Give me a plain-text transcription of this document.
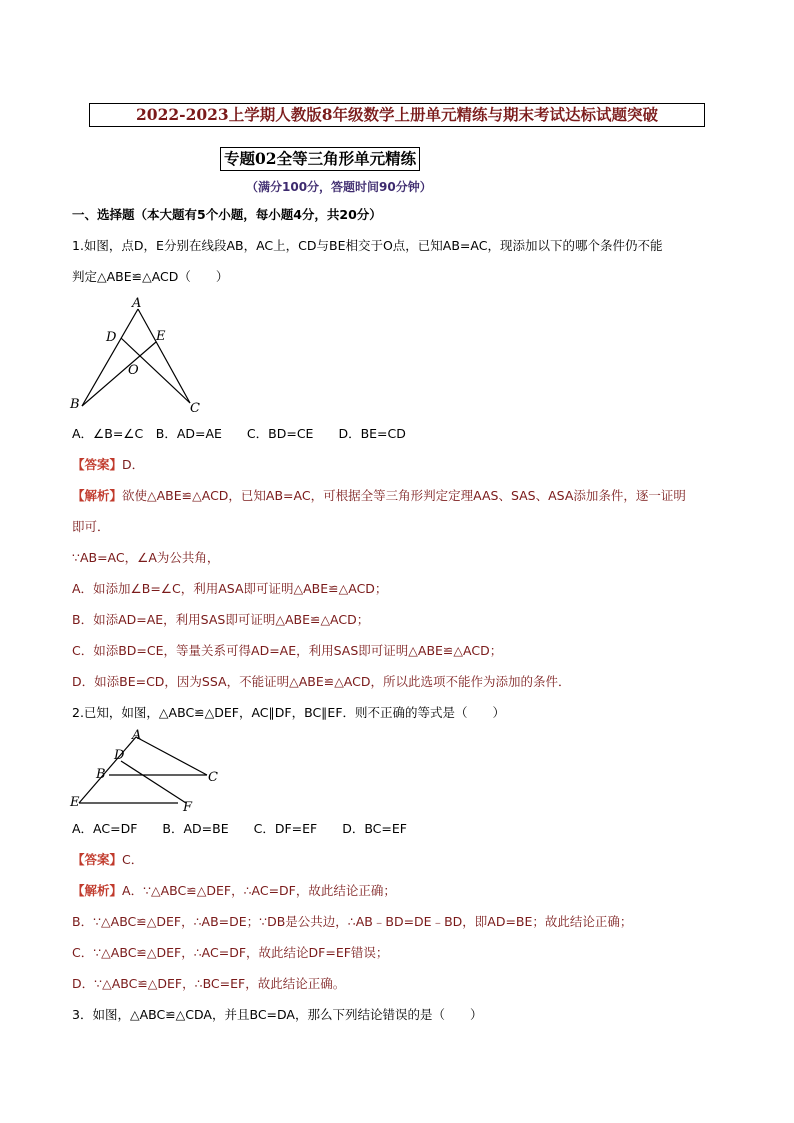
2022-2023上学期人教版8年级数学上册单元精练与期末考试达标试题突破
专题02全等三角形单元精练
（满分100分，答题时间90分钟）
一、选择题（本大题有5个小题，每小题4分，共20分）
1.如图，点D，E分别在线段AB，AC上，CD与BE相交于O点，已知AB=AC，现添加以下的哪个条件仍不能
判定△ABE≌△ACD（　　）
A
D	E
O
B	C
A．∠B=∠C　B．AD=AE　　C．BD=CE　　D．BE=CD
【答案】D．
【解析】欲使△ABE≌△ACD，已知AB=AC，可根据全等三角形判定定理AAS、SAS、ASA添加条件，逐一证明
即可．
∵AB=AC，∠A为公共角，
A．如添加∠B=∠C，利用ASA即可证明△ABE≌△ACD；
B．如添AD=AE，利用SAS即可证明△ABE≌△ACD；
C．如添BD=CE，等量关系可得AD=AE，利用SAS即可证明△ABE≌△ACD；
D．如添BE=CD，因为SSA，不能证明△ABE≌△ACD，所以此选项不能作为添加的条件．
2.已知，如图，△ABC≌△DEF，AC∥DF，BC∥EF．则不正确的等式是（　　）
A
D
B	C
E	F
A．AC=DF　　B．AD=BE　　C．DF=EF　　D．BC=EF
【答案】C．
【解析】A．∵△ABC≌△DEF，∴AC=DF，故此结论正确；
B．∵△ABC≌△DEF，∴AB=DE；∵DB是公共边，∴AB﹣BD=DE﹣BD，即AD=BE；故此结论正确；
C．∵△ABC≌△DEF，∴AC=DF，故此结论DF=EF错误；
D．∵△ABC≌△DEF，∴BC=EF，故此结论正确。
3．如图，△ABC≌△CDA，并且BC=DA，那么下列结论错误的是（　　）
